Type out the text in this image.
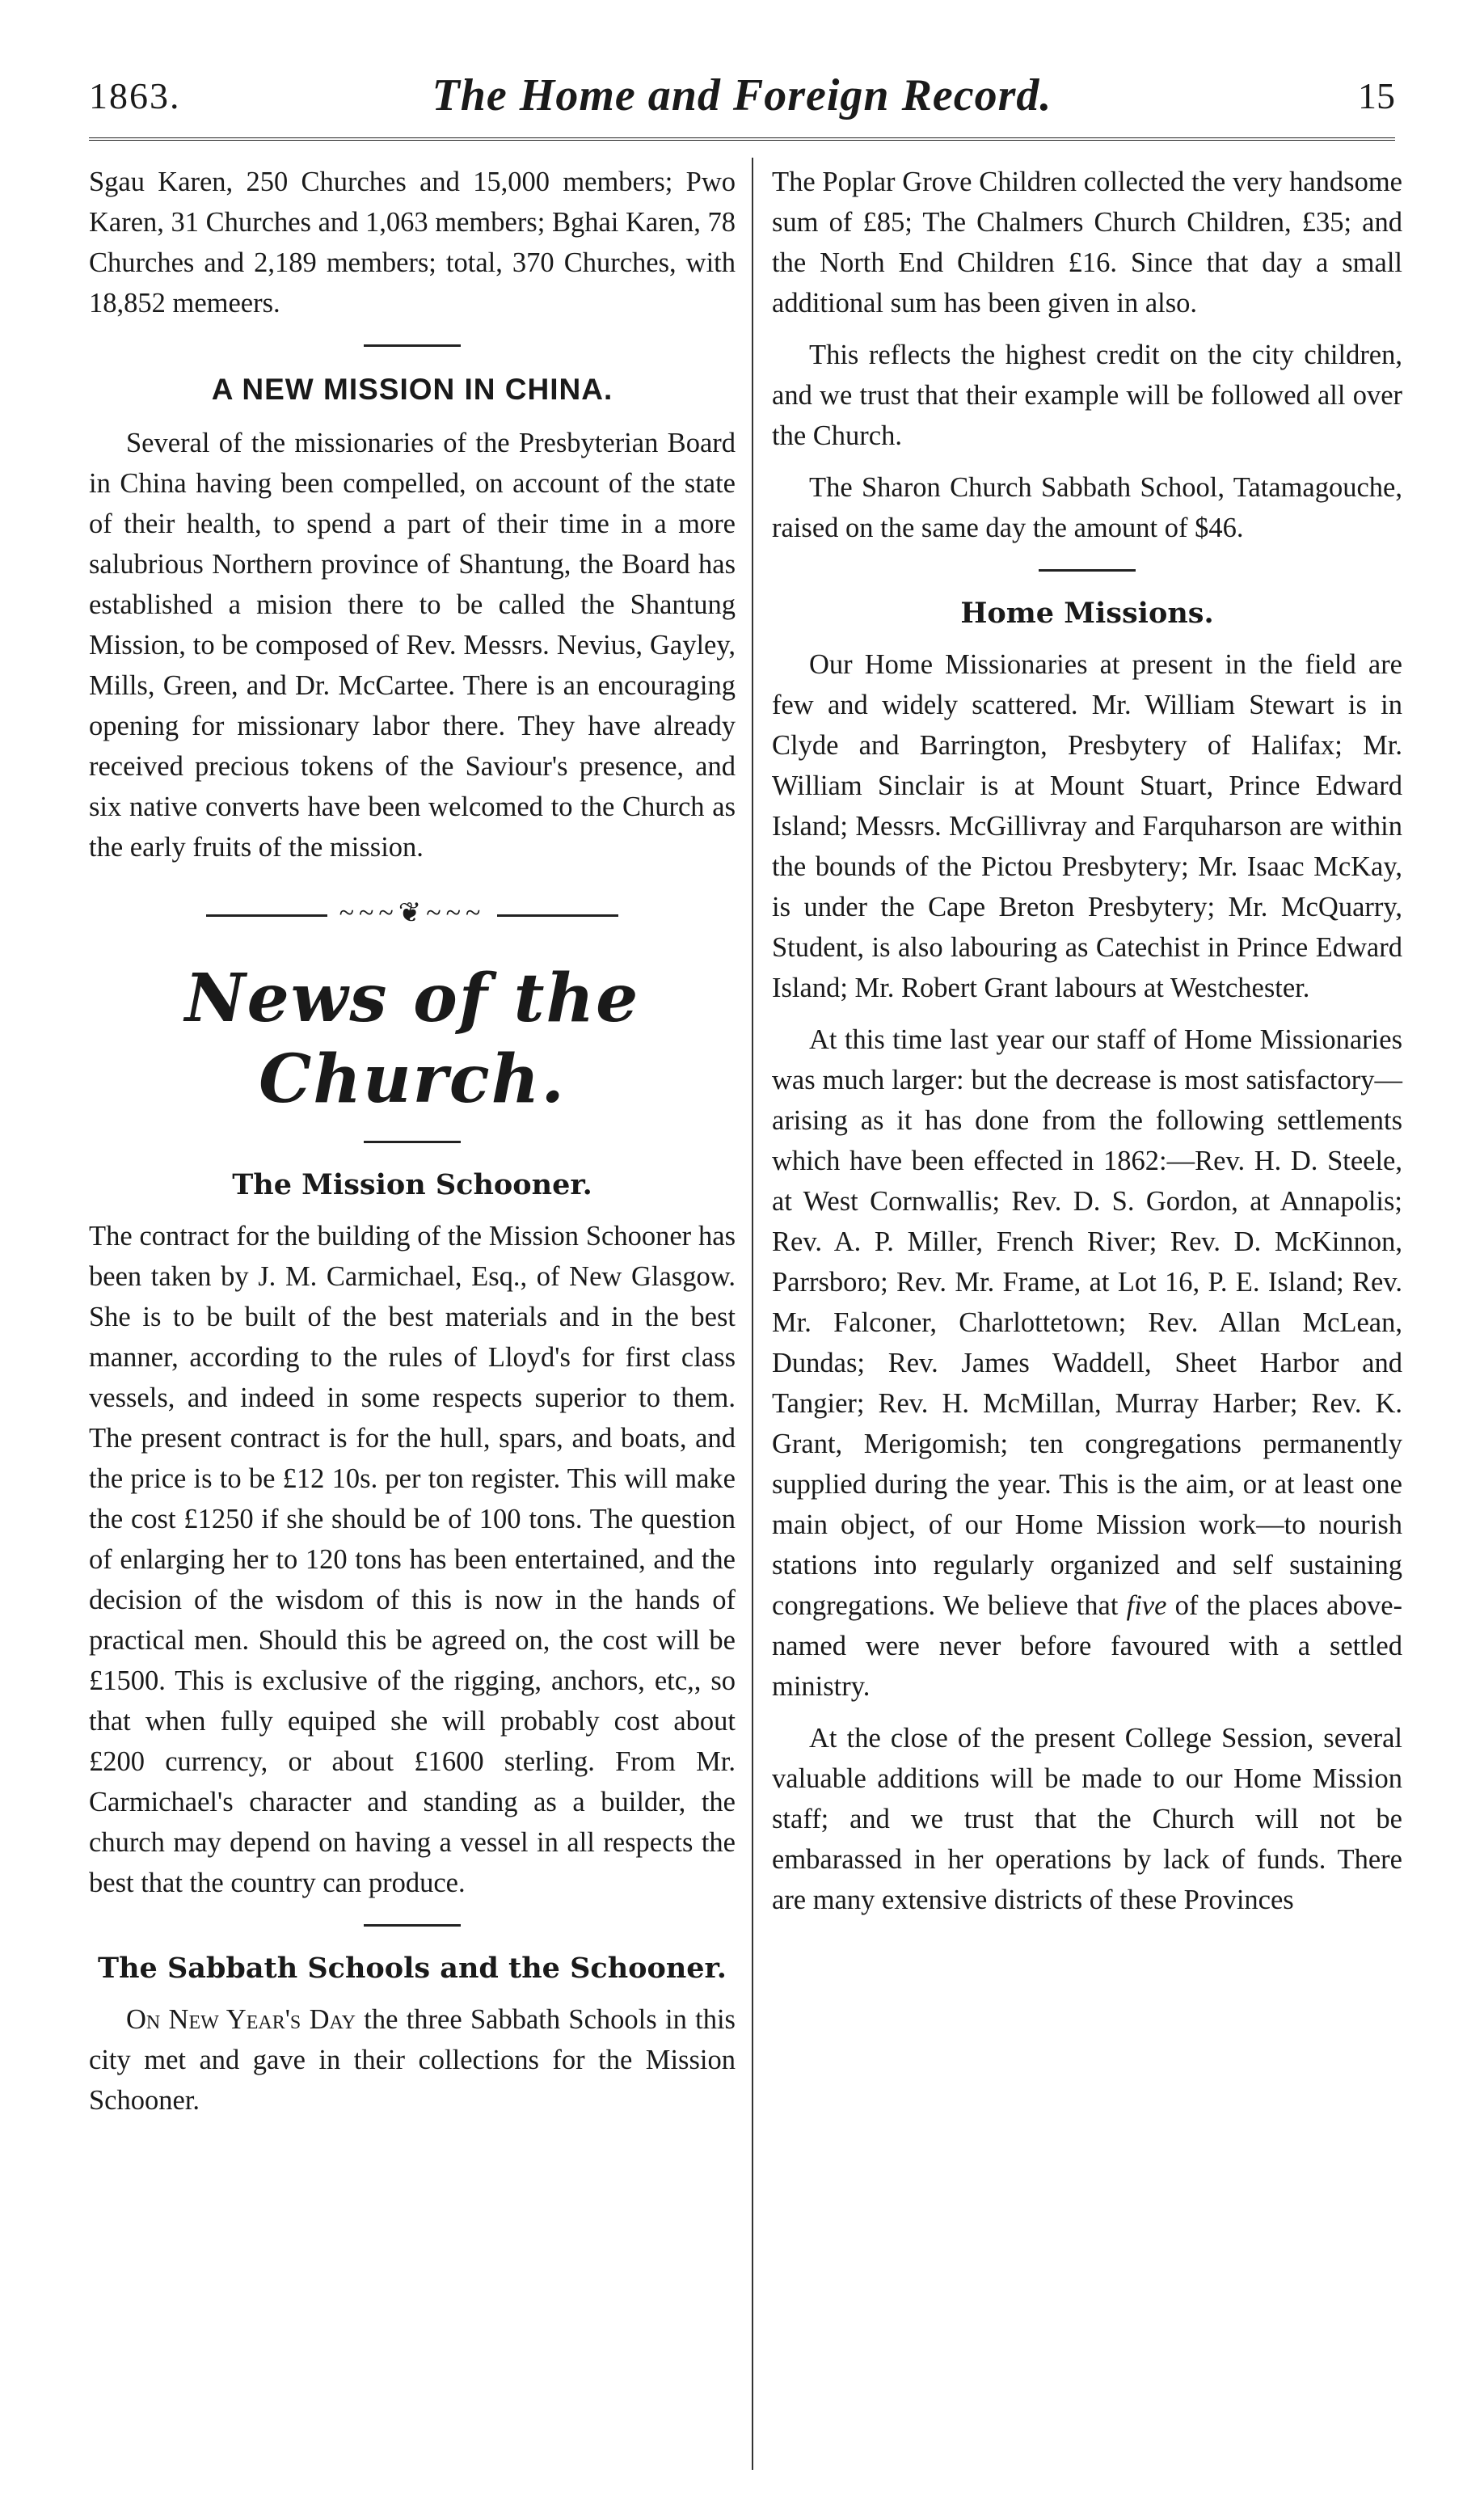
1863.	The Home and Foreign Record.	15

Sgau Karen, 250 Churches and 15,000 members; Pwo Karen, 31 Churches and 1,063 members; Bghai Karen, 78 Churches and 2,189 members; total, 370 Churches, with 18,852 memeers.

A NEW MISSION IN CHINA.

Several of the missionaries of the Presbyterian Board in China having been compelled, on account of the state of their health, to spend a part of their time in a more salubrious Northern province of Shantung, the Board has established a mision there to be called the Shantung Mission, to be composed of Rev. Messrs. Nevius, Gayley, Mills, Green, and Dr. McCartee. There is an encouraging opening for missionary labor there. They have already received precious tokens of the Saviour's presence, and six native converts have been welcomed to the Church as the early fruits of the mission.

~~~❦~~~
News of the Church.
The Mission Schooner.

The contract for the building of the Mission Schooner has been taken by J. M. Carmichael, Esq., of New Glasgow. She is to be built of the best materials and in the best manner, according to the rules of Lloyd's for first class vessels, and indeed in some respects superior to them. The present contract is for the hull, spars, and boats, and the price is to be £12 10s. per ton register. This will make the cost £1250 if she should be of 100 tons. The question of enlarging her to 120 tons has been entertained, and the decision of the wisdom of this is now in the hands of practical men. Should this be agreed on, the cost will be £1500. This is exclusive of the rigging, anchors, etc,, so that when fully equiped she will probably cost about £200 currency, or about £1600 sterling. From Mr. Carmichael's character and standing as a builder, the church may depend on having a vessel in all respects the best that the country can produce.

The Sabbath Schools and the Schooner.

On New Year's Day the three Sabbath Schools in this city met and gave in their collections for the Mission Schooner.

The Poplar Grove Children collected the very handsome sum of £85; The Chalmers Church Children, £35; and the North End Children £16. Since that day a small additional sum has been given in also.

This reflects the highest credit on the city children, and we trust that their example will be followed all over the Church.

The Sharon Church Sabbath School, Tatamagouche, raised on the same day the amount of $46.

Home Missions.

Our Home Missionaries at present in the field are few and widely scattered. Mr. William Stewart is in Clyde and Barrington, Presbytery of Halifax; Mr. William Sinclair is at Mount Stuart, Prince Edward Island; Messrs. McGillivray and Farquharson are within the bounds of the Pictou Presbytery; Mr. Isaac McKay, is under the Cape Breton Presbytery; Mr. McQuarry, Student, is also labouring as Catechist in Prince Edward Island; Mr. Robert Grant labours at Westchester.

At this time last year our staff of Home Missionaries was much larger: but the decrease is most satisfactory—arising as it has done from the following settlements which have been effected in 1862:—Rev. H. D. Steele, at West Cornwallis; Rev. D. S. Gordon, at Annapolis; Rev. A. P. Miller, French River; Rev. D. McKinnon, Parrsboro; Rev. Mr. Frame, at Lot 16, P. E. Island; Rev. Mr. Falconer, Charlottetown; Rev. Allan McLean, Dundas; Rev. James Waddell, Sheet Harbor and Tangier; Rev. H. McMillan, Murray Harber; Rev. K. Grant, Merigomish; ten congregations permanently supplied during the year. This is the aim, or at least one main object, of our Home Mission work—to nourish stations into regularly organized and self sustaining congregations. We believe that five of the places above-named were never before favoured with a settled ministry.

At the close of the present College Session, several valuable additions will be made to our Home Mission staff; and we trust that the Church will not be embarassed in her operations by lack of funds. There are many extensive districts of these Provinces
